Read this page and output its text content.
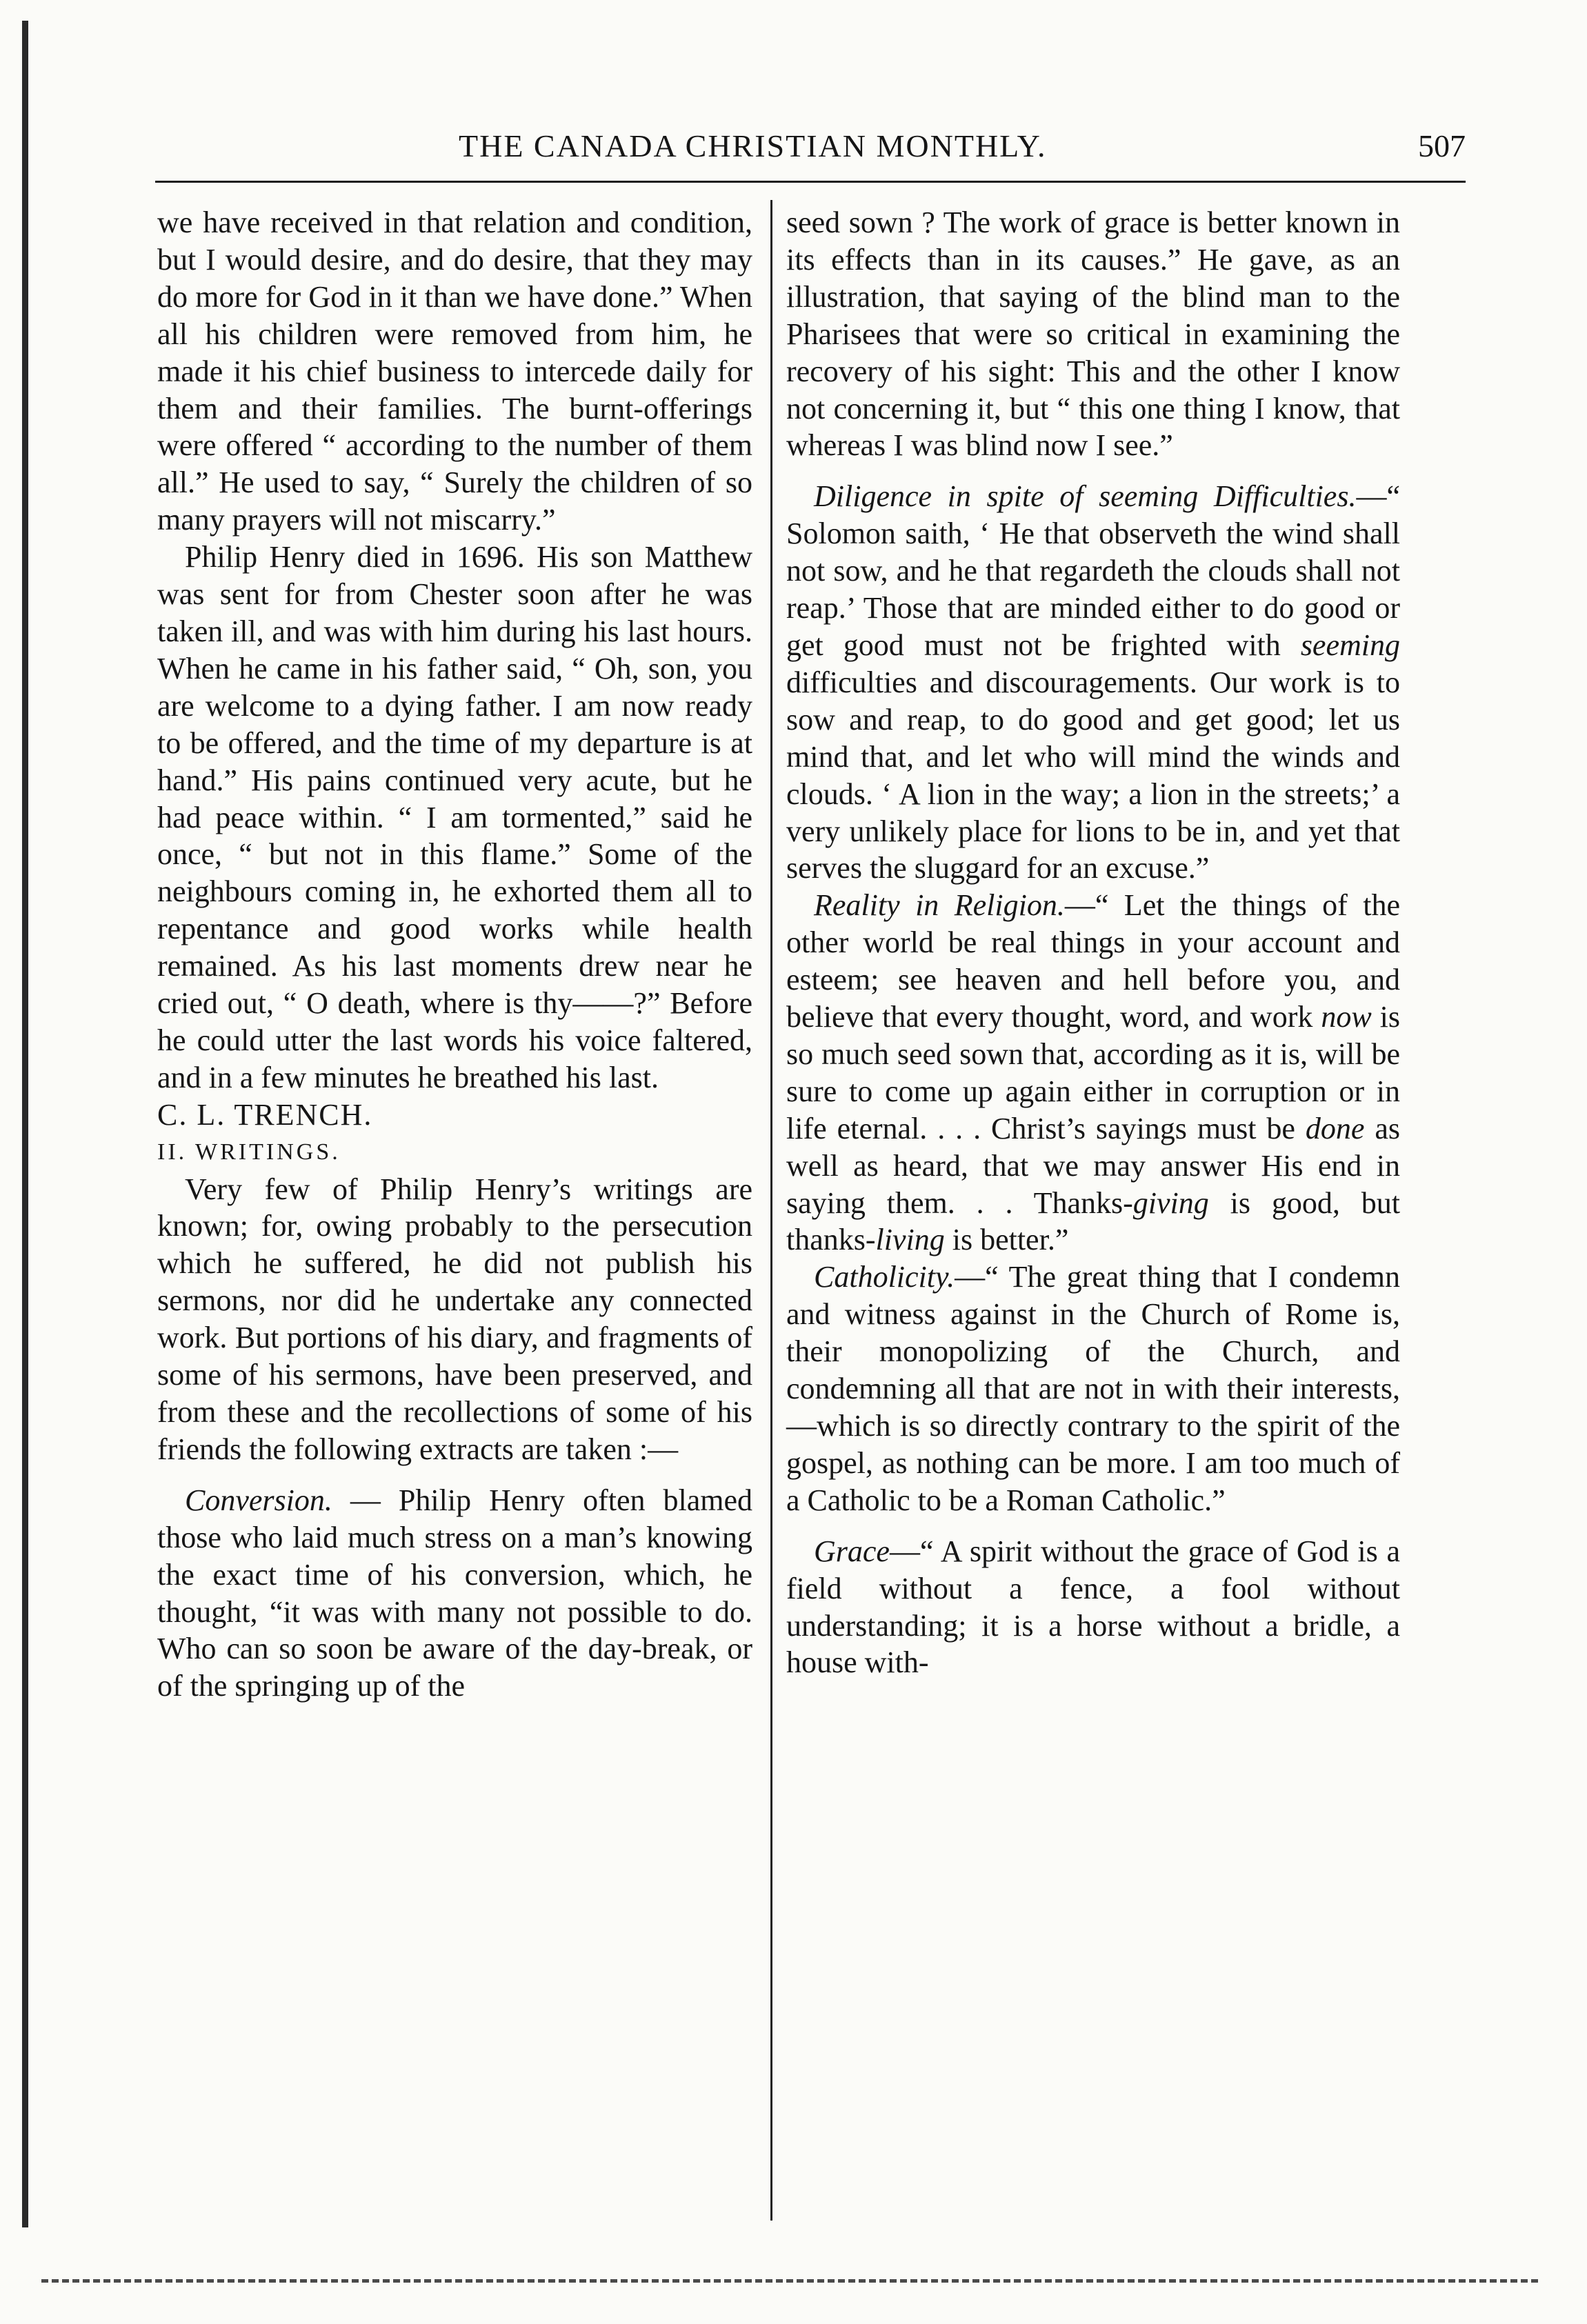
THE CANADA CHRISTIAN MONTHLY.	507

we have received in that relation and condition, but I would desire, and do desire, that they may do more for God in it than we have done.” When all his children were removed from him, he made it his chief business to intercede daily for them and their families. The burnt-offerings were offered “ according to the number of them all.” He used to say, “ Surely the children of so many prayers will not miscarry.”

Philip Henry died in 1696. His son Matthew was sent for from Chester soon after he was taken ill, and was with him during his last hours. When he came in his father said, “ Oh, son, you are welcome to a dying father. I am now ready to be offered, and the time of my departure is at hand.” His pains continued very acute, but he had peace within. “ I am tormented,” said he once, “ but not in this flame.” Some of the neighbours coming in, he exhorted them all to repentance and good works while health remained. As his last moments drew near he cried out, “ O death, where is thy——?” Before he could utter the last words his voice faltered, and in a few minutes he breathed his last.

C. L. TRENCH.

II. WRITINGS.

Very few of Philip Henry’s writings are known; for, owing probably to the persecution which he suffered, he did not publish his sermons, nor did he undertake any connected work. But portions of his diary, and fragments of some of his sermons, have been preserved, and from these and the recollections of some of his friends the following extracts are taken :—

Conversion. — Philip Henry often blamed those who laid much stress on a man’s knowing the exact time of his conversion, which, he thought, “it was with many not possible to do. Who can so soon be aware of the day-break, or of the springing up of the

seed sown ? The work of grace is better known in its effects than in its causes.” He gave, as an illustration, that saying of the blind man to the Pharisees that were so critical in examining the recovery of his sight: This and the other I know not concerning it, but “ this one thing I know, that whereas I was blind now I see.”

Diligence in spite of seeming Difficulties.—“ Solomon saith, ‘ He that observeth the wind shall not sow, and he that regardeth the clouds shall not reap.’ Those that are minded either to do good or get good must not be frighted with seeming difficulties and discouragements. Our work is to sow and reap, to do good and get good; let us mind that, and let who will mind the winds and clouds. ‘ A lion in the way; a lion in the streets;’ a very unlikely place for lions to be in, and yet that serves the sluggard for an excuse.”

Reality in Religion.—“ Let the things of the other world be real things in your account and esteem; see heaven and hell before you, and believe that every thought, word, and work now is so much seed sown that, according as it is, will be sure to come up again either in corruption or in life eternal. . . . Christ’s sayings must be done as well as heard, that we may answer His end in saying them. . . Thanks-giving is good, but thanks-living is better.”

Catholicity.—“ The great thing that I condemn and witness against in the Church of Rome is, their monopolizing of the Church, and condemning all that are not in with their interests,—which is so directly contrary to the spirit of the gospel, as nothing can be more. I am too much of a Catholic to be a Roman Catholic.”

Grace—“ A spirit without the grace of God is a field without a fence, a fool without understanding; it is a horse without a bridle, a house with-
